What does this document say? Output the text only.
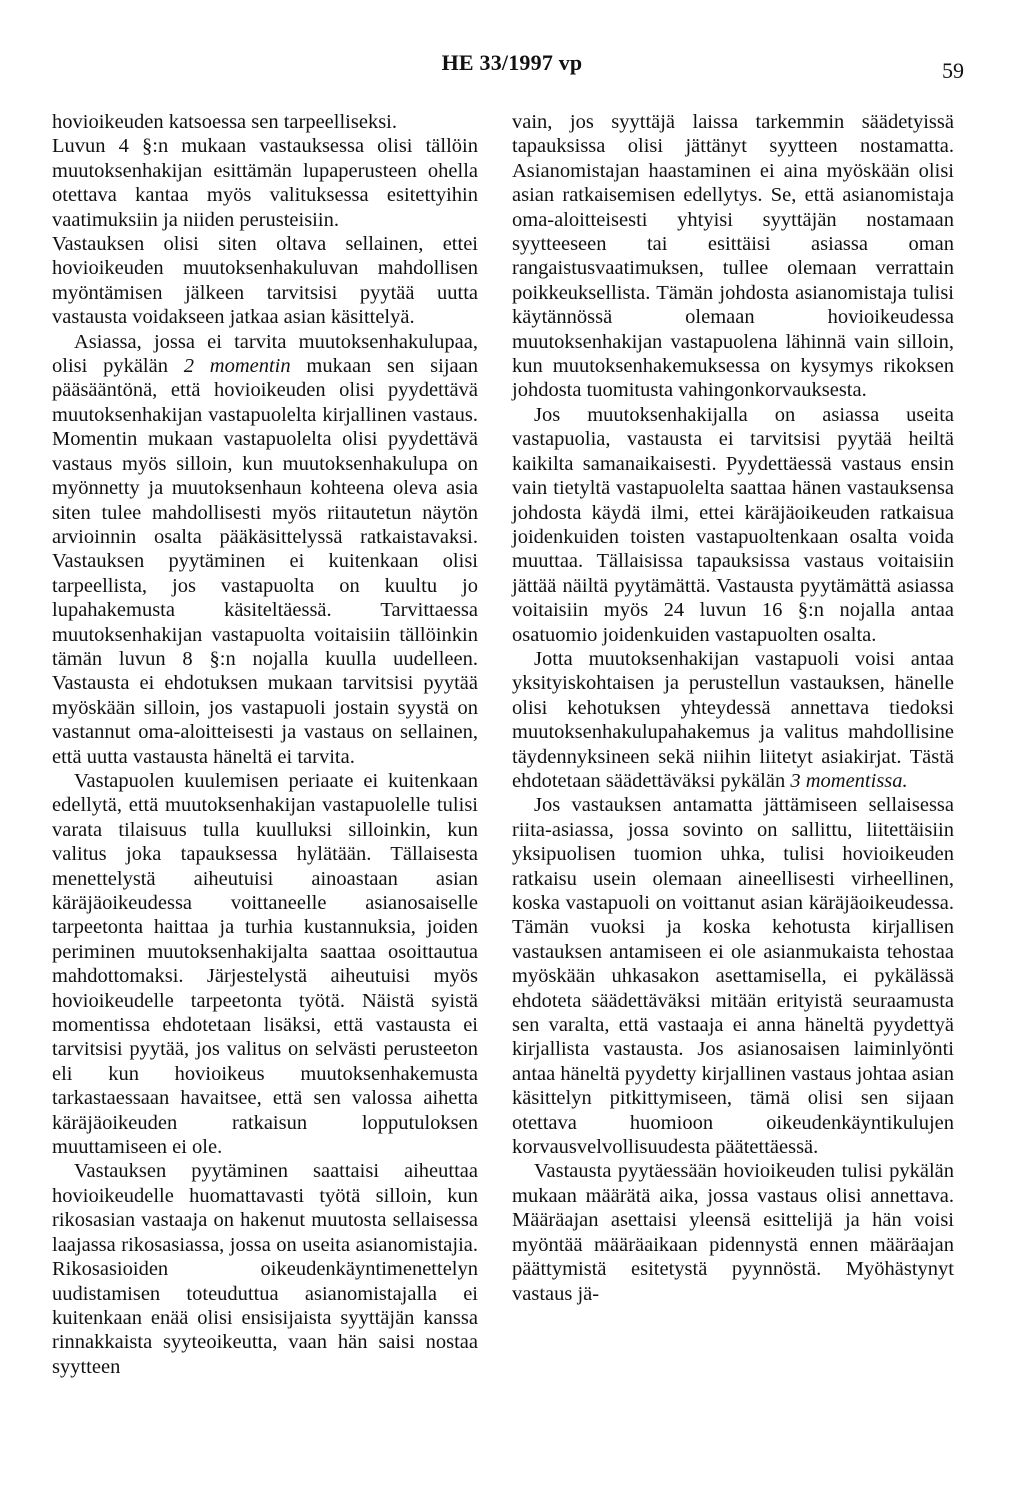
HE 33/1997 vp	59

hovioikeuden katsoessa sen tarpeelliseksi.

Luvun 4 §:n mukaan vastauksessa olisi tällöin muutoksenhakijan esittämän lupaperusteen ohella otettava kantaa myös valituksessa esitettyihin vaatimuksiin ja niiden perusteisiin.

Vastauksen olisi siten oltava sellainen, ettei hovioikeuden muutoksenhakuluvan mahdollisen myöntämisen jälkeen tarvitsisi pyytää uutta vastausta voidakseen jatkaa asian käsittelyä.

Asiassa, jossa ei tarvita muutoksenhakulupaa, olisi pykälän 2 momentin mukaan sen sijaan pääsääntönä, että hovioikeuden olisi pyydettävä muutoksenhakijan vastapuolelta kirjallinen vastaus. Momentin mukaan vastapuolelta olisi pyydettävä vastaus myös silloin, kun muutoksenhakulupa on myönnetty ja muutoksenhaun kohteena oleva asia siten tulee mahdollisesti myös riitautetun näytön arvioinnin osalta pääkäsittelyssä ratkaistavaksi. Vastauksen pyytäminen ei kuitenkaan olisi tarpeellista, jos vastapuolta on kuultu jo lupahakemusta käsiteltäessä. Tarvittaessa muutoksenhakijan vastapuolta voitaisiin tällöinkin tämän luvun 8 §:n nojalla kuulla uudelleen. Vastausta ei ehdotuksen mukaan tarvitsisi pyytää myöskään silloin, jos vastapuoli jostain syystä on vastannut oma-aloitteisesti ja vastaus on sellainen, että uutta vastausta häneltä ei tarvita.

Vastapuolen kuulemisen periaate ei kuitenkaan edellytä, että muutoksenhakijan vastapuolelle tulisi varata tilaisuus tulla kuulluksi silloinkin, kun valitus joka tapauksessa hylätään. Tällaisesta menettelystä aiheutuisi ainoastaan asian käräjäoikeudessa voittaneelle asianosaiselle tarpeetonta haittaa ja turhia kustannuksia, joiden periminen muutoksenhakijalta saattaa osoittautua mahdottomaksi. Järjestelystä aiheutuisi myös hovioikeudelle tarpeetonta työtä. Näistä syistä momentissa ehdotetaan lisäksi, että vastausta ei tarvitsisi pyytää, jos valitus on selvästi perusteeton eli kun hovioikeus muutoksenhakemusta tarkastaessaan havaitsee, että sen valossa aihetta käräjäoikeuden ratkaisun lopputuloksen muuttamiseen ei ole.

Vastauksen pyytäminen saattaisi aiheuttaa hovioikeudelle huomattavasti työtä silloin, kun rikosasian vastaaja on hakenut muutosta sellaisessa laajassa rikosasiassa, jossa on useita asianomistajia. Rikosasioiden oikeudenkäyntimenettelyn uudistamisen toteuduttua asianomistajalla ei kuitenkaan enää olisi ensisijaista syyttäjän kanssa rinnakkaista syyteoikeutta, vaan hän saisi nostaa syytteen

vain, jos syyttäjä laissa tarkemmin säädetyissä tapauksissa olisi jättänyt syytteen nostamatta. Asianomistajan haastaminen ei aina myöskään olisi asian ratkaisemisen edellytys. Se, että asianomistaja oma-aloitteisesti yhtyisi syyttäjän nostamaan syytteeseen tai esittäisi asiassa oman rangaistusvaatimuksen, tullee olemaan verrattain poikkeuksellista. Tämän johdosta asianomistaja tulisi käytännössä olemaan hovioikeudessa muutoksenhakijan vastapuolena lähinnä vain silloin, kun muutoksenhakemuksessa on kysymys rikoksen johdosta tuomitusta vahingonkorvauksesta.

Jos muutoksenhakijalla on asiassa useita vastapuolia, vastausta ei tarvitsisi pyytää heiltä kaikilta samanaikaisesti. Pyydettäessä vastaus ensin vain tietyltä vastapuolelta saattaa hänen vastauksensa johdosta käydä ilmi, ettei käräjäoikeuden ratkaisua joidenkuiden toisten vastapuoltenkaan osalta voida muuttaa. Tällaisissa tapauksissa vastaus voitaisiin jättää näiltä pyytämättä. Vastausta pyytämättä asiassa voitaisiin myös 24 luvun 16 §:n nojalla antaa osatuomio joidenkuiden vastapuolten osalta.

Jotta muutoksenhakijan vastapuoli voisi antaa yksityiskohtaisen ja perustellun vastauksen, hänelle olisi kehotuksen yhteydessä annettava tiedoksi muutoksenhakulupahakemus ja valitus mahdollisine täydennyksineen sekä niihin liitetyt asiakirjat. Tästä ehdotetaan säädettäväksi pykälän 3 momentissa.

Jos vastauksen antamatta jättämiseen sellaisessa riita-asiassa, jossa sovinto on sallittu, liitettäisiin yksipuolisen tuomion uhka, tulisi hovioikeuden ratkaisu usein olemaan aineellisesti virheellinen, koska vastapuoli on voittanut asian käräjäoikeudessa. Tämän vuoksi ja koska kehotusta kirjallisen vastauksen antamiseen ei ole asianmukaista tehostaa myöskään uhkasakon asettamisella, ei pykälässä ehdoteta säädettäväksi mitään erityistä seuraamusta sen varalta, että vastaaja ei anna häneltä pyydettyä kirjallista vastausta. Jos asianosaisen laiminlyönti antaa häneltä pyydetty kirjallinen vastaus johtaa asian käsittelyn pitkittymiseen, tämä olisi sen sijaan otettava huomioon oikeudenkäyntikulujen korvausvelvollisuudesta päätettäessä.

Vastausta pyytäessään hovioikeuden tulisi pykälän mukaan määrätä aika, jossa vastaus olisi annettava. Määräajan asettaisi yleensä esittelijä ja hän voisi myöntää määräaikaan pidennystä ennen määräajan päättymistä esitetystä pyynnöstä. Myöhästynyt vastaus jä-
